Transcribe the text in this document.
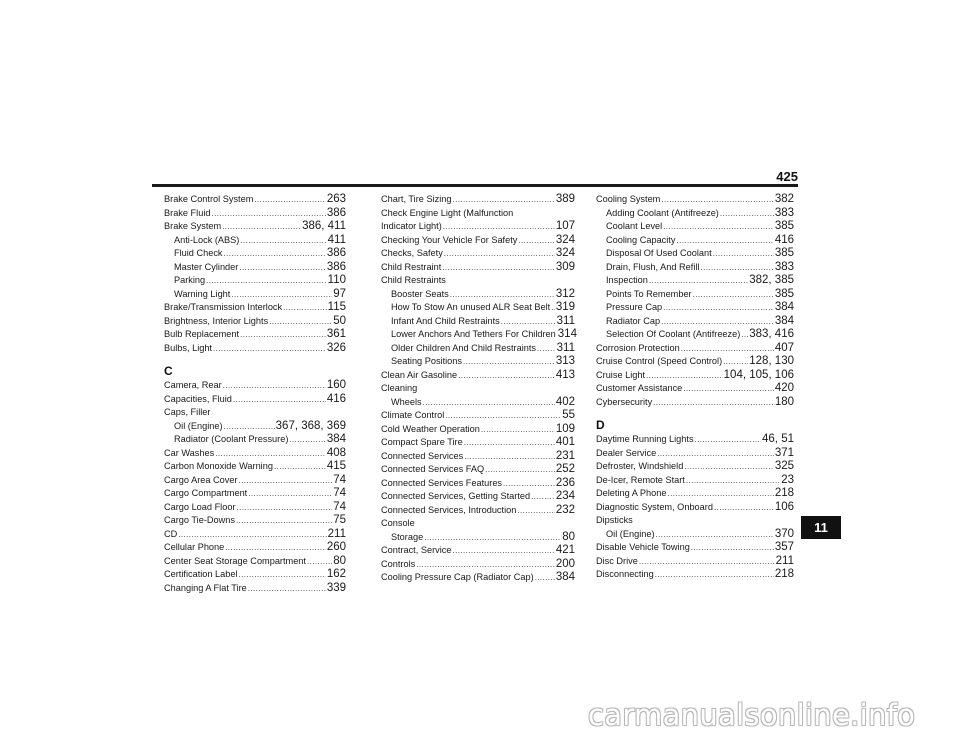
425
Brake Control System .....	263
Brake Fluid .....	386
Brake System .....	386, 411
Anti-Lock (ABS) .....	411
Fluid Check .....	386
Master Cylinder .....	386
Parking .....	110
Warning Light .....	97
Brake/Transmission Interlock .....	115
Brightness, Interior Lights .....	50
Bulb Replacement .....	361
Bulbs, Light .....	326
C
Camera, Rear .....	160
Capacities, Fluid .....	416
Caps, Filler
Oil (Engine) .....	367, 368, 369
Radiator (Coolant Pressure) .....	384
Car Washes .....	408
Carbon Monoxide Warning .....	415
Cargo Area Cover .....	74
Cargo Compartment .....	74
Cargo Load Floor .....	74
Cargo Tie-Downs .....	75
CD .....	211
Cellular Phone .....	260
Center Seat Storage Compartment ..... 80
Certification Label .....	162
Changing A Flat Tire .....	339
Chart, Tire Sizing .....	389
Check Engine Light (Malfunction
Indicator Light) .....	107
Checking Your Vehicle For Safety .....	324
Checks, Safety .....	324
Child Restraint .....	309
Child Restraints
Booster Seats .....	312
How To Stow An unused ALR Seat Belt ..... 319
Infant And Child Restraints .....	311
Lower Anchors And Tethers For Children 314
Older Children And Child Restraints ..... 311
Seating Positions .....	313
Clean Air Gasoline .....	413
Cleaning
Wheels .....	402
Climate Control .....	55
Cold Weather Operation .....	109
Compact Spare Tire .....	401
Connected Services .....	231
Connected Services FAQ .....	252
Connected Services Features .....	236
Connected Services, Getting Started ..... 234
Connected Services, Introduction .....	232
Console
Storage .....	80
Contract, Service .....	421
Controls .....	200
Cooling Pressure Cap (Radiator Cap) ..... 384
Cooling System .....	382
Adding Coolant (Antifreeze) .....	383
Coolant Level .....	385
Cooling Capacity .....	416
Disposal Of Used Coolant .....	385
Drain, Flush, And Refill .....	383
Inspection .....	382, 385
Points To Remember .....	385
Pressure Cap .....	384
Radiator Cap .....	384
Selection Of Coolant (Antifreeze) ..... 383, 416
Corrosion Protection .....	407
Cruise Control (Speed Control) ..... 128, 130
Cruise Light .....	104, 105, 106
Customer Assistance .....	420
Cybersecurity .....	180
D
Daytime Running Lights .....	46, 51
Dealer Service .....	371
Defroster, Windshield .....	325
De-Icer, Remote Start .....	23
Deleting A Phone .....	218
Diagnostic System, Onboard .....	106
Dipsticks
Oil (Engine) .....	370
Disable Vehicle Towing .....	357
Disc Drive .....	211
Disconnecting .....	218
11
carmanualsonline.info
